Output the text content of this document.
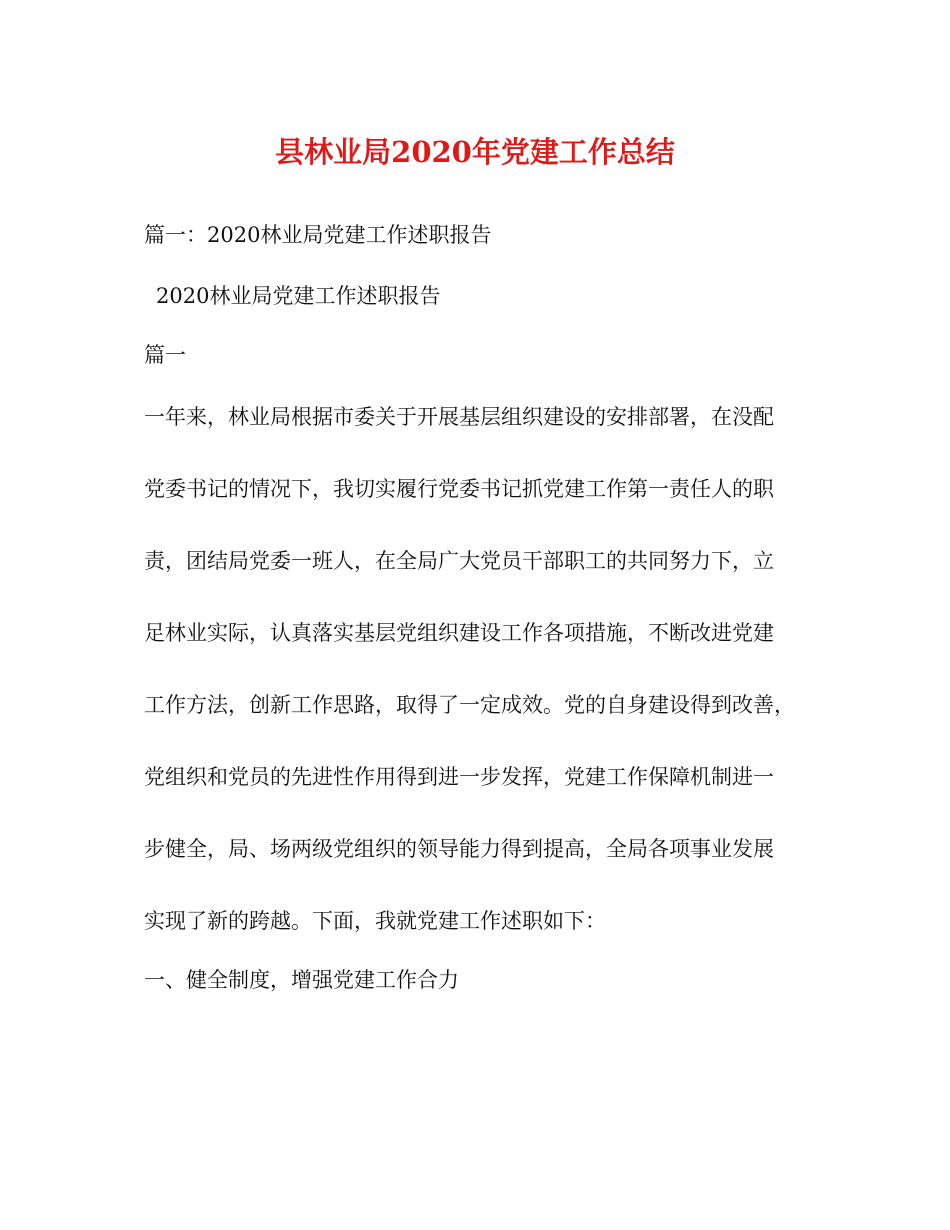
县林业局2020年党建工作总结
篇一：2020林业局党建工作述职报告
2020林业局党建工作述职报告
篇一
一年来，林业局根据市委关于开展基层组织建设的安排部署，在没配
党委书记的情况下，我切实履行党委书记抓党建工作第一责任人的职
责，团结局党委一班人，在全局广大党员干部职工的共同努力下，立
足林业实际，认真落实基层党组织建设工作各项措施，不断改进党建
工作方法，创新工作思路，取得了一定成效。党的自身建设得到改善，
党组织和党员的先进性作用得到进一步发挥，党建工作保障机制进一
步健全，局、场两级党组织的领导能力得到提高，全局各项事业发展
实现了新的跨越。下面，我就党建工作述职如下：
一、健全制度，增强党建工作合力
